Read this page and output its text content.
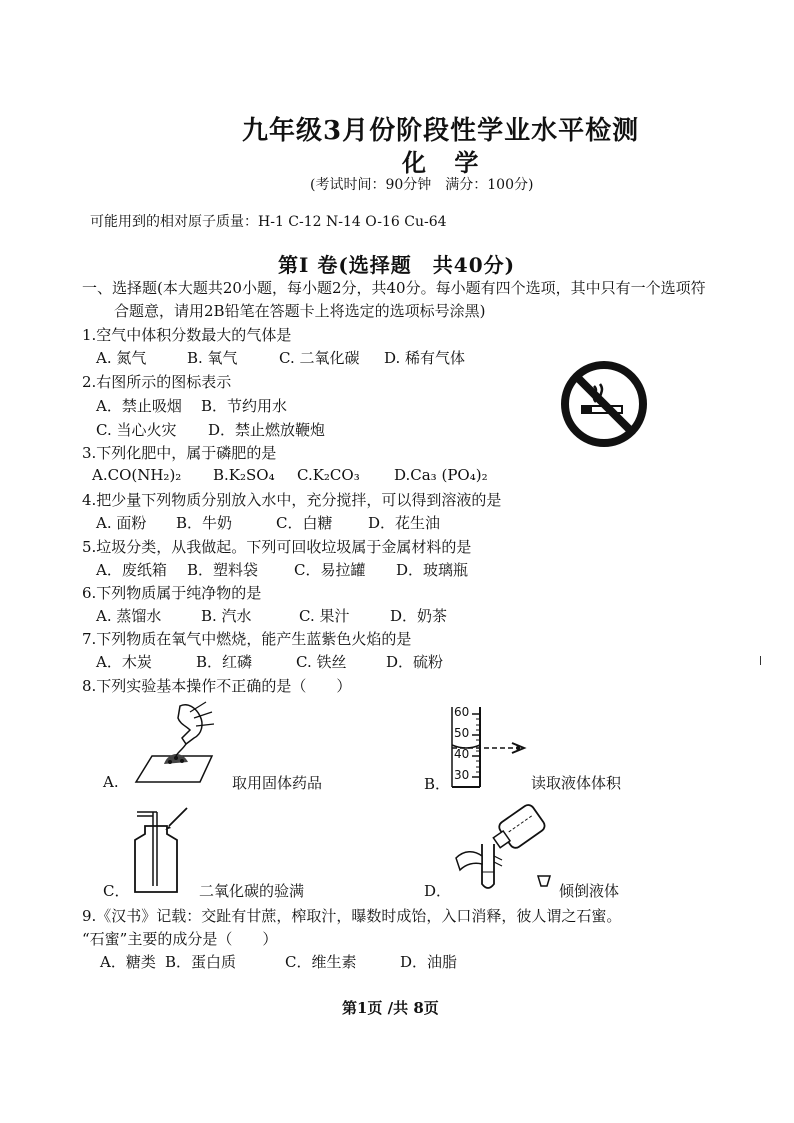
九年级3月份阶段性学业水平检测
化 学
(考试时间：90分钟　满分：100分)
可能用到的相对原子质量：H-1 C-12 N-14 O-16 Cu-64
第Ⅰ 卷(选择题　共40分)
一、选择题(本大题共20小题，每小题2分，共40分。每小题有四个选项，其中只有一个选项符
合题意，请用2B铅笔在答题卡上将选定的选项标号涂黑)
1.空气中体积分数最大的气体是
A. 氮气	B. 氧气	C. 二氧化碳 D. 稀有气体
2.右图所示的图标表示
A．禁止吸烟 B．节约用水
C. 当心火灾 D．禁止燃放鞭炮
3.下列化肥中，属于磷肥的是
A.CO(NH₂)₂ B.K₂SO₄ C.K₂CO₃ D.Ca₃ (PO₄)₂
4.把少量下列物质分别放入水中，充分搅拌，可以得到溶液的是
A. 面粉 B．牛奶	C．白糖 D．花生油
5.垃圾分类，从我做起。下列可回收垃圾属于金属材料的是
A．废纸箱 B．塑料袋 C．易拉罐 D．玻璃瓶
6.下列物质属于纯净物的是
A. 蒸馏水	B. 汽水	C. 果汁	D．奶茶
7.下列物质在氧气中燃烧，能产生蓝紫色火焰的是
A．木炭	B．红磷	C. 铁丝	D．硫粉
8.下列实验基本操作不正确的是（　　）
A.	取用固体药品
60
50
40
30
B．	读取液体体积
C．	二氧化碳的验满	D．	倾倒液体
9.《汉书》记载：交趾有甘蔗，榨取汁，曝数时成饴，入口消释，彼人谓之石蜜。
“石蜜”主要的成分是（　　）
A．糖类 B．蛋白质	C．维生素	D．油脂
第1页 /共 8页
